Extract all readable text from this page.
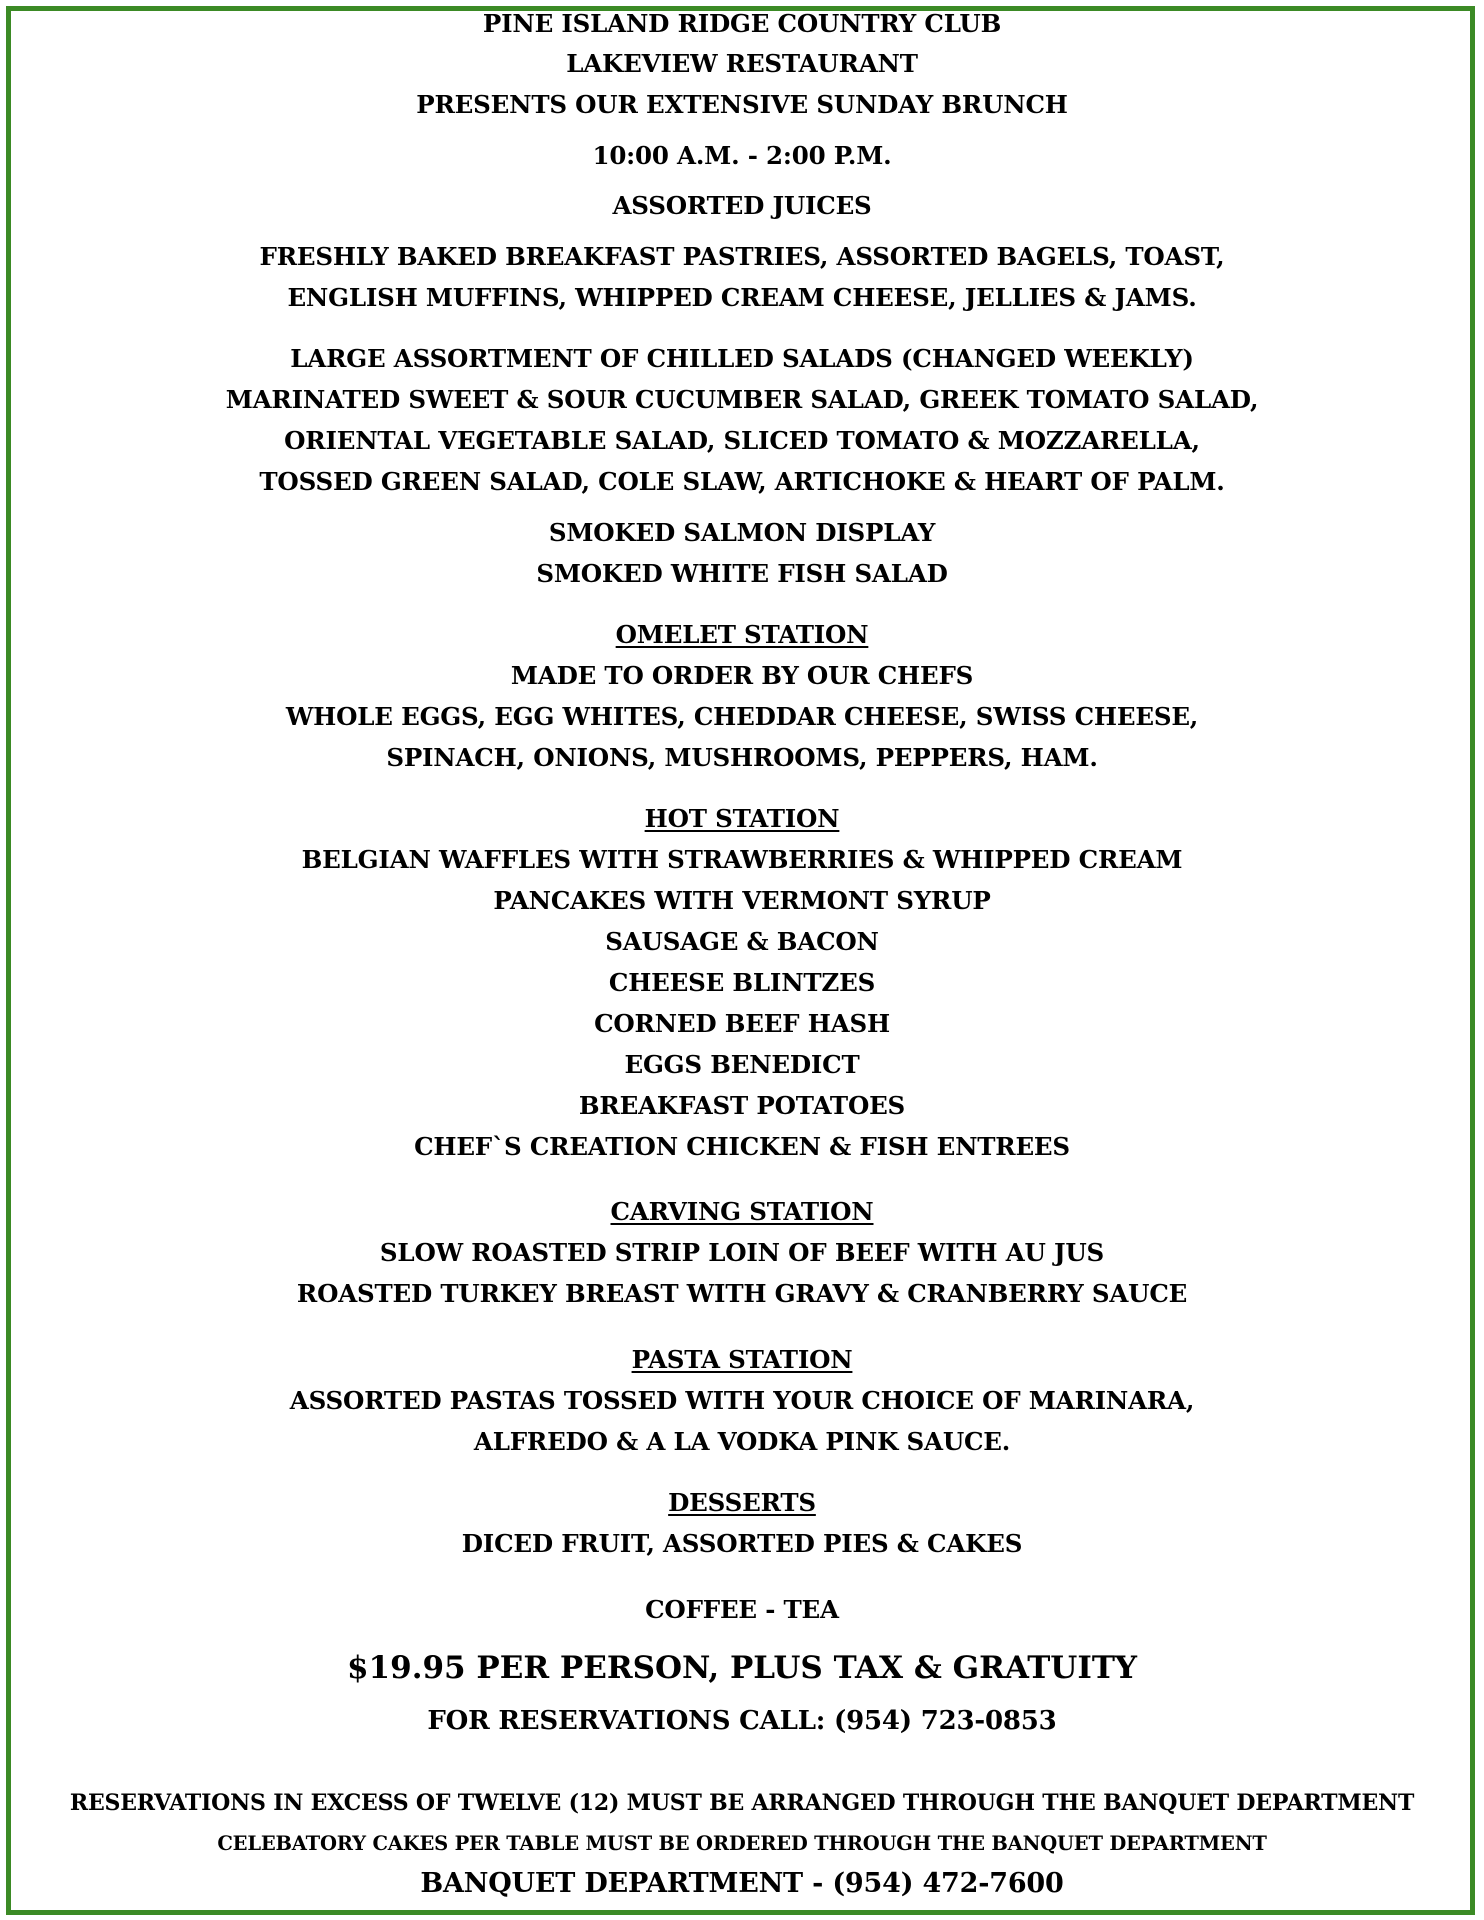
PINE ISLAND RIDGE COUNTRY CLUB
LAKEVIEW RESTAURANT
PRESENTS OUR EXTENSIVE SUNDAY BRUNCH
10:00 A.M. - 2:00 P.M.
ASSORTED JUICES
FRESHLY BAKED BREAKFAST PASTRIES, ASSORTED BAGELS, TOAST,
ENGLISH MUFFINS, WHIPPED CREAM CHEESE, JELLIES & JAMS.
LARGE ASSORTMENT OF CHILLED SALADS (CHANGED WEEKLY)
MARINATED SWEET & SOUR CUCUMBER SALAD, GREEK TOMATO SALAD,
ORIENTAL VEGETABLE SALAD, SLICED TOMATO & MOZZARELLA,
TOSSED GREEN SALAD, COLE SLAW, ARTICHOKE & HEART OF PALM.
SMOKED SALMON DISPLAY
SMOKED WHITE FISH SALAD
OMELET STATION
MADE TO ORDER BY OUR CHEFS
WHOLE EGGS, EGG WHITES, CHEDDAR CHEESE, SWISS CHEESE,
SPINACH, ONIONS, MUSHROOMS, PEPPERS, HAM.
HOT STATION
BELGIAN WAFFLES WITH STRAWBERRIES & WHIPPED CREAM
PANCAKES WITH VERMONT SYRUP
SAUSAGE & BACON
CHEESE BLINTZES
CORNED BEEF HASH
EGGS BENEDICT
BREAKFAST POTATOES
CHEF`S CREATION CHICKEN & FISH ENTREES
CARVING STATION
SLOW ROASTED STRIP LOIN OF BEEF WITH AU JUS
ROASTED TURKEY BREAST WITH GRAVY & CRANBERRY SAUCE
PASTA STATION
ASSORTED PASTAS TOSSED WITH YOUR CHOICE OF MARINARA,
ALFREDO & A LA VODKA PINK SAUCE.
DESSERTS
DICED FRUIT, ASSORTED PIES & CAKES
COFFEE - TEA
$19.95 PER PERSON, PLUS TAX & GRATUITY
FOR RESERVATIONS CALL: (954) 723-0853
RESERVATIONS IN EXCESS OF TWELVE (12) MUST BE ARRANGED THROUGH THE BANQUET DEPARTMENT
CELEBATORY CAKES PER TABLE MUST BE ORDERED THROUGH THE BANQUET DEPARTMENT
BANQUET DEPARTMENT - (954) 472-7600
